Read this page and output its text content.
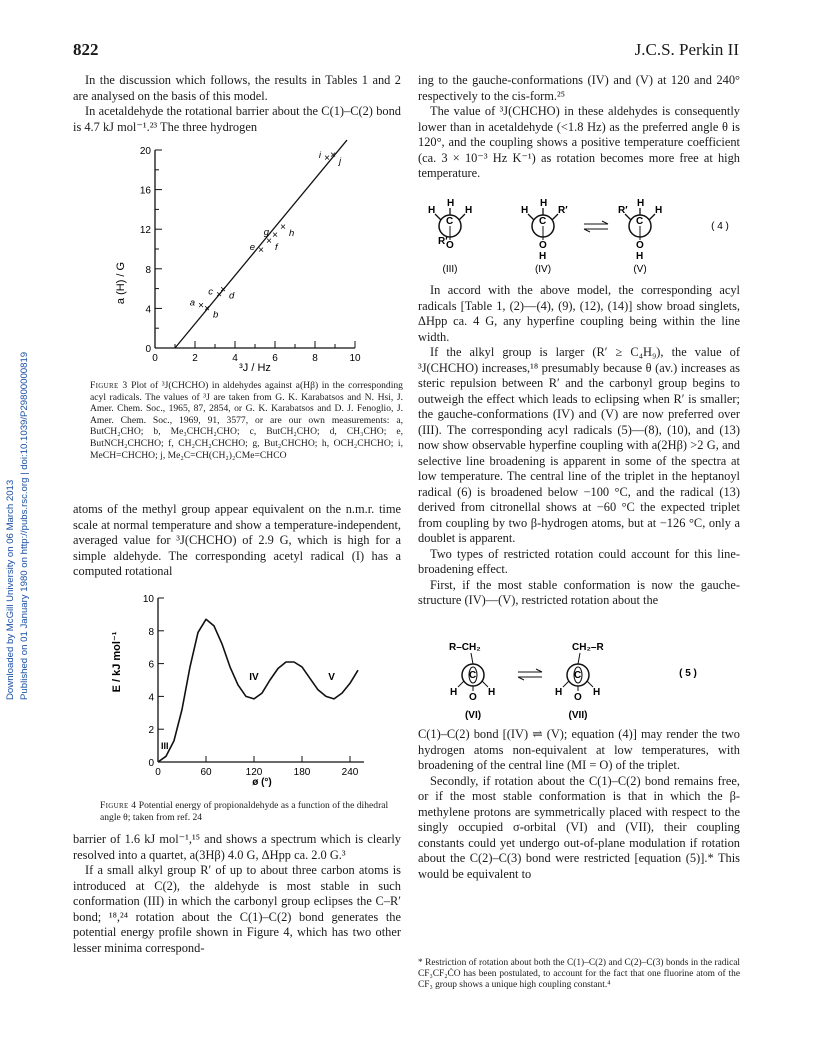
Downloaded by McGill University on 06 March 2013 Published on 01 January 1980 on http://pubs.rsc.org | doi:10.1039/P29800000819
822	J.C.S. Perkin II

In the discussion which follows, the results in Tables 1 and 2 are analysed on the basis of this model.

In acetaldehyde the rotational barrier about the C(1)–C(2) bond is 4.7 kJ mol⁻¹.²³ The three hydrogen

0	2	4	6	8	10
0
4
8
12
16
20
×
a
×
b
×
c ×
d
×
e
×
f
×
g ×
h
×
i ×
j
a (H) / G
³J / Hz
Figure 3 Plot of ³J(CHCHO) in aldehydes against a(Hβ) in the corresponding acyl radicals. The values of ³J are taken from G. K. Karabatsos and N. Hsi, J. Amer. Chem. Soc., 1965, 87, 2854, or G. K. Karabatsos and D. J. Fenoglio, J. Amer. Chem. Soc., 1969, 91, 3577, or are our own measurements: a, ButCH₂CHO; b, Me₃CHCH₂CHO; c, ButCH₂CHO; d, CH₃CHO; e, ButNCH₂CHCHO; f, CH₂CH₂CHCHO; g, But₂CHCHO; h, OCH₂CHCHO; i, MeCH=CHCHO; j, Me₂C=CH(CH₂)₂CMe=CHCO

atoms of the methyl group appear equivalent on the n.m.r. time scale at normal temperature and show a temperature-independent, averaged value for ³J(CHCHO) of 2.9 G, which is high for a simple aldehyde. The corresponding acetyl radical (I) has a computed rotational

0	60	120	180	240
0
2
4
6
8
10
III
IV	V
E / kJ mol⁻¹
ø (°)
Figure 4 Potential energy of propionaldehyde as a function of the dihedral angle θ; taken from ref. 24

barrier of 1.6 kJ mol⁻¹,¹⁵ and shows a spectrum which is clearly resolved into a quartet, a(3Hβ) 4.0 G, ΔHpp ca. 2.0 G.³

If a small alkyl group R′ of up to about three carbon atoms is introduced at C(2), the aldehyde is most stable in such conformation (III) in which the carbonyl group eclipses the C–R′ bond; ¹⁸,²⁴ rotation about the C(1)–C(2) bond generates the potential energy profile shown in Figure 4, which has two other lesser minima correspond-

ing to the gauche-conformations (IV) and (V) at 120 and 240° respectively to the cis-form.²⁵

The value of ³J(CHCHO) in these aldehydes is consequently lower than in acetaldehyde (<1.8 Hz) as the preferred angle θ is 120°, and the coupling shows a positive temperature coefficient (ca. 3 × 10⁻³ Hz K⁻¹) as rotation becomes more free at high temperature.

H
H	H
C
O
R′
H
H	R′
C
O
H
H
R′	H
C
O
H
(III)	(IV)	(V)
( 4 )

In accord with the above model, the corresponding acyl radicals [Table 1, (2)—(4), (9), (12), (14)] show broad singlets, ΔHpp ca. 4 G, any hyperfine coupling being within the line width.

If the alkyl group is larger (R′ ≥ C₄H₉), the value of ³J(CHCHO) increases,¹⁸ presumably because θ (av.) increases as steric repulsion between R′ and the carbonyl group begins to outweigh the effect which leads to eclipsing when R′ is smaller; the gauche-conformations (IV) and (V) are now preferred over (III). The corresponding acyl radicals (5)—(8), (10), and (13) now show observable hyperfine coupling with a(2Hβ) >2 G, and selective line broadening is apparent in some of the spectra at low temperature. The central line of the triplet in the heptanoyl radical (6) is broadened below −100 °C, and the radical (13) derived from citronellal shows at −60 °C the expected triplet from coupling by two β-hydrogen atoms, but at −126 °C, only a doublet is apparent.

Two types of restricted rotation could account for this line-broadening effect.

First, if the most stable conformation is now the gauche-structure (IV)—(V), restricted rotation about the

R–CH₂
C
H O H
CH₂–R
C
H O H
(VI)	(VII)
( 5 )

C(1)–C(2) bond [(IV) ⇌ (V); equation (4)] may render the two hydrogen atoms non-equivalent at low temperatures, with broadening of the central line (MI = O) of the triplet.

Secondly, if rotation about the C(1)–C(2) bond remains free, or if the most stable conformation is that in which the β-methylene protons are symmetrically placed with respect to the singly occupied σ-orbital (VI) and (VII), their coupling constants could yet undergo out-of-plane modulation if rotation about the C(2)–C(3) bond were restricted [equation (5)].* This would be equivalent to

* Restriction of rotation about both the C(1)–C(2) and C(2)–C(3) bonds in the radical CF₃CF₂ĊO has been postulated, to account for the fact that one fluorine atom of the CF₃ group shows a unique high coupling constant.⁴
